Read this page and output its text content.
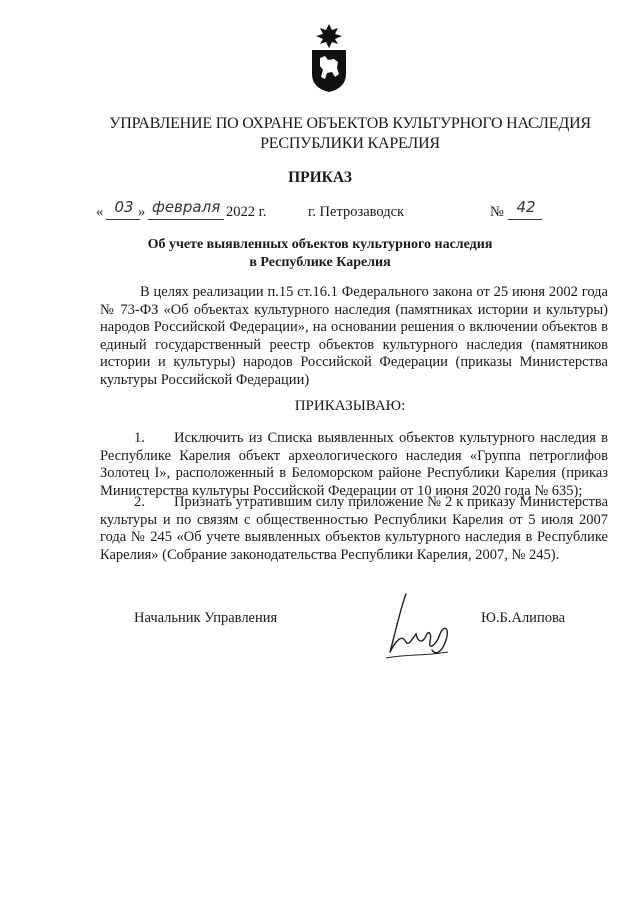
УПРАВЛЕНИЕ ПО ОХРАНЕ ОБЪЕКТОВ КУЛЬТУРНОГО НАСЛЕДИЯ
РЕСПУБЛИКИ КАРЕЛИЯ
ПРИКАЗ
« 03 » февраля 2022 г.	г. Петрозаводск	№ 42
Об учете выявленных объектов культурного наследия
в Республике Карелия
В целях реализации п.15 ст.16.1 Федерального закона от 25 июня 2002 года № 73-ФЗ «Об объектах культурного наследия (памятниках истории и культуры) народов Российской Федерации», на основании решения о включении объектов в единый государственный реестр объектов культурного наследия (памятников истории и культуры) народов Российской Федерации (приказы Министерства культуры Российской Федерации)
ПРИКАЗЫВАЮ:
1. Исключить из Списка выявленных объектов культурного наследия в Республике Карелия объект археологического наследия «Группа петроглифов Золотец I», расположенный в Беломорском районе Республики Карелия (приказ Министерства культуры Российской Федерации от 10 июня 2020 года № 635);
2. Признать утратившим силу приложение № 2 к приказу Министерства культуры и по связям с общественностью Республики Карелия от 5 июля 2007 года № 245 «Об учете выявленных объектов культурного наследия в Республике Карелия» (Собрание законодательства Республики Карелия, 2007, № 245).
Начальник Управления	Ю.Б.Алипова
